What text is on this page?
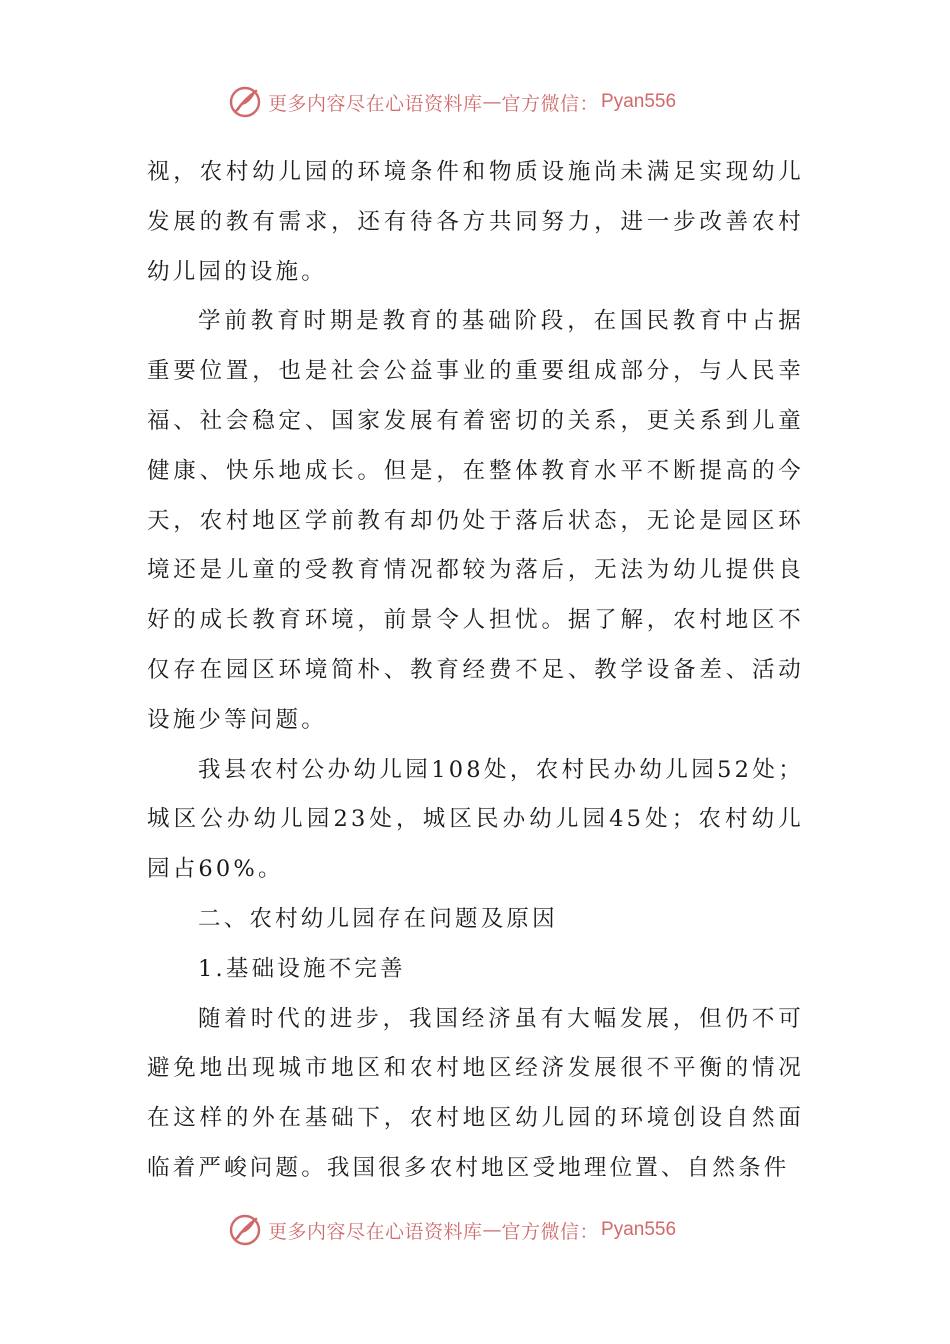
更多内容尽在心语资料库 — 官方微信： Pyan556

视，农村幼儿园的环境条件和物质设施尚未满足实现幼儿发展的教有需求，还有待各方共同努力，进一步改善农村幼儿园的设施。

学前教育时期是教育的基础阶段，在国民教育中占据重要位置，也是社会公益事业的重要组成部分，与人民幸福、社会稳定、国家发展有着密切的关系，更关系到儿童健康、快乐地成长。但是，在整体教育水平不断提高的今天，农村地区学前教有却仍处于落后状态，无论是园区环境还是儿童的受教育情况都较为落后，无法为幼儿提供良好的成长教育环境，前景令人担忧。据了解，农村地区不仅存在园区环境简朴、教育经费不足、教学设备差、活动设施少等问题。

我县农村公办幼儿园108处，农村民办幼儿园52处；城区公办幼儿园23处，城区民办幼儿园45处；农村幼儿园占60%。

二、农村幼儿园存在问题及原因

1.基础设施不完善

随着时代的进步，我国经济虽有大幅发展，但仍不可避免地出现城市地区和农村地区经济发展很不平衡的情况在这样的外在基础下，农村地区幼儿园的环境创设自然面临着严峻问题。我国很多农村地区受地理位置、自然条件

更多内容尽在心语资料库 — 官方微信： Pyan556
